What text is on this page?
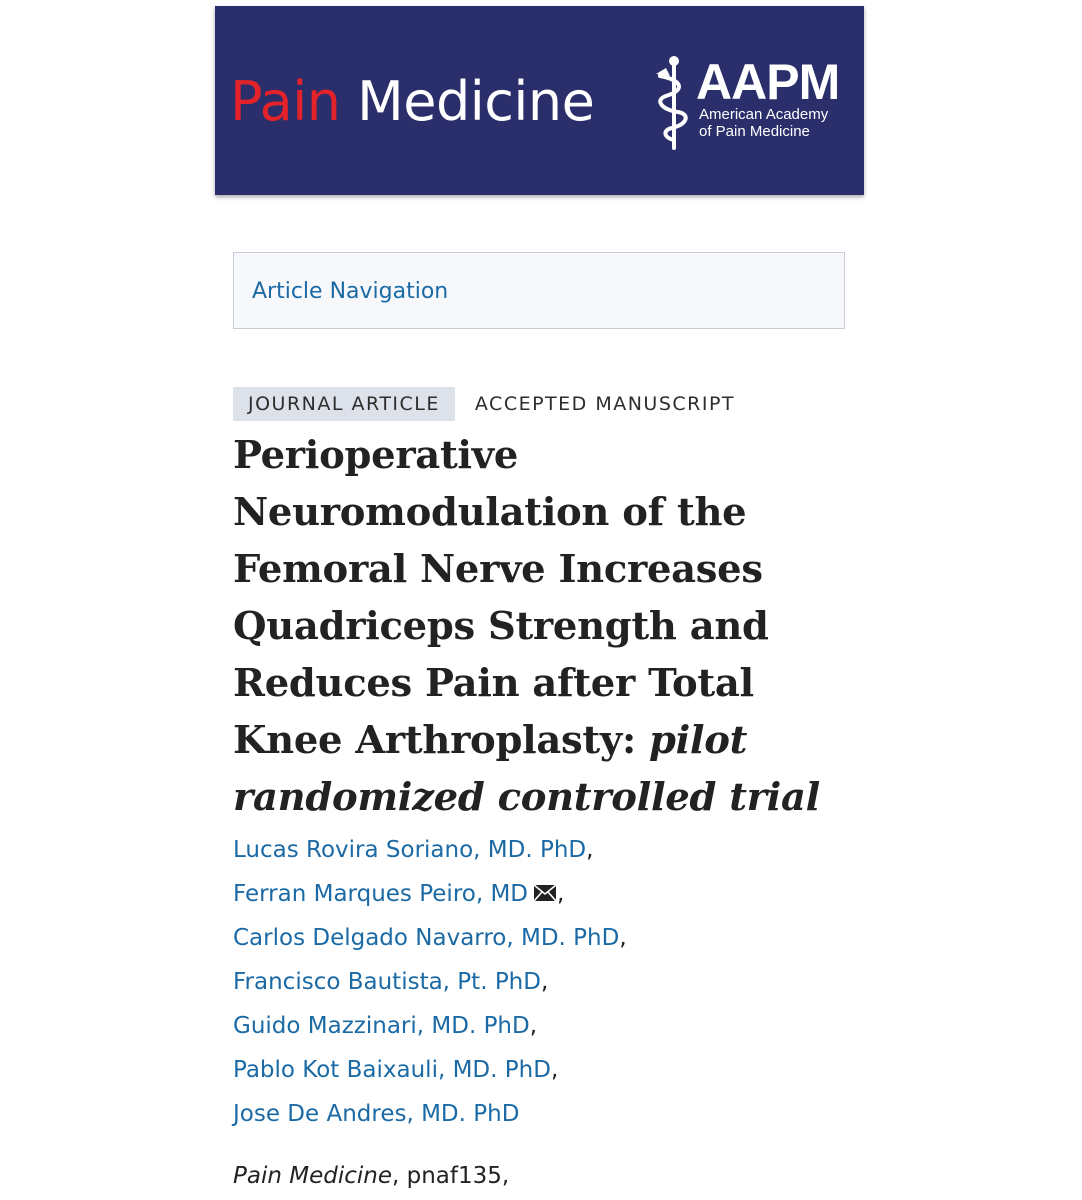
Pain Medicine AAPM
American Academy
of Pain Medicine
Article Navigation
JOURNAL ARTICLE	ACCEPTED MANUSCRIPT
Perioperative Neuromodulation of the Femoral Nerve Increases Quadriceps Strength and Reduces Pain after Total Knee Arthroplasty: pilot randomized controlled trial
Lucas Rovira Soriano, MD. PhD,
Ferran Marques Peiro, MD ,
Carlos Delgado Navarro, MD. PhD,
Francisco Bautista, Pt. PhD,
Guido Mazzinari, MD. PhD,
Pablo Kot Baixauli, MD. PhD,
Jose De Andres, MD. PhD
Pain Medicine, pnaf135,
